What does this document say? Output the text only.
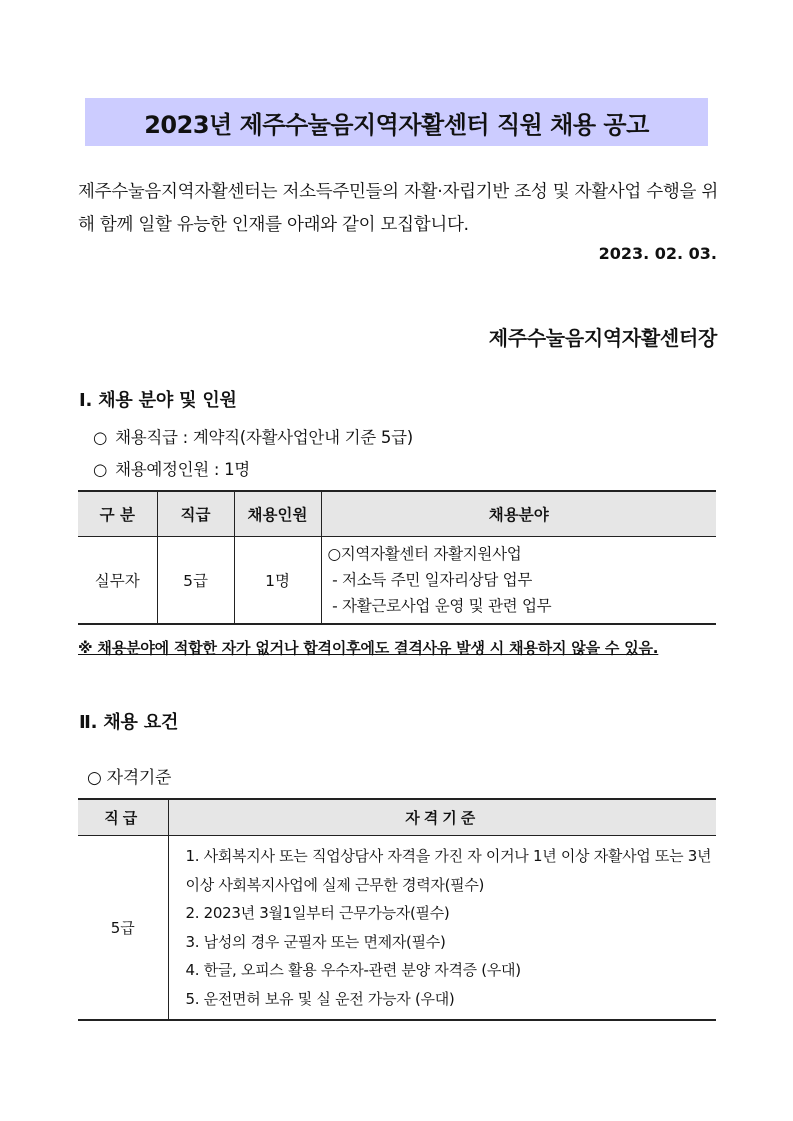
2023년 제주수눌음지역자활센터 직원 채용 공고
제주수눌음지역자활센터는 저소득주민들의 자활·자립기반 조성 및 자활사업 수행을 위해 함께 일할 유능한 인재를 아래와 같이 모집합니다.
2023. 02. 03.
제주수눌음지역자활센터장
Ⅰ. 채용 분야 및 인원
○ 채용직급 : 계약직(자활사업안내 기준 5급)
○ 채용예정인원 : 1명
구 분	직급	채용인원	채용분야
실무자	5급	1명	○지역자활센터 자활지원사업
- 저소득 주민 일자리상담 업무
- 자활근로사업 운영 및 관련 업무
※ 채용분야에 적합한 자가 없거나 합격이후에도 결격사유 발생 시 채용하지 않을 수 있음.
Ⅱ. 채용 요건
○ 자격기준
직급	자격기준
5급	1. 사회복지사 또는 직업상담사 자격을 가진 자 이거나 1년 이상 자활사업 또는 3년이상 사회복지사업에 실제 근무한 경력자(필수)
2. 2023년 3월1일부터 근무가능자(필수)
3. 남성의 경우 군필자 또는 면제자(필수)
4. 한글, 오피스 활용 우수자-관련 분양 자격증 (우대)
5. 운전면허 보유 및 실 운전 가능자 (우대)
